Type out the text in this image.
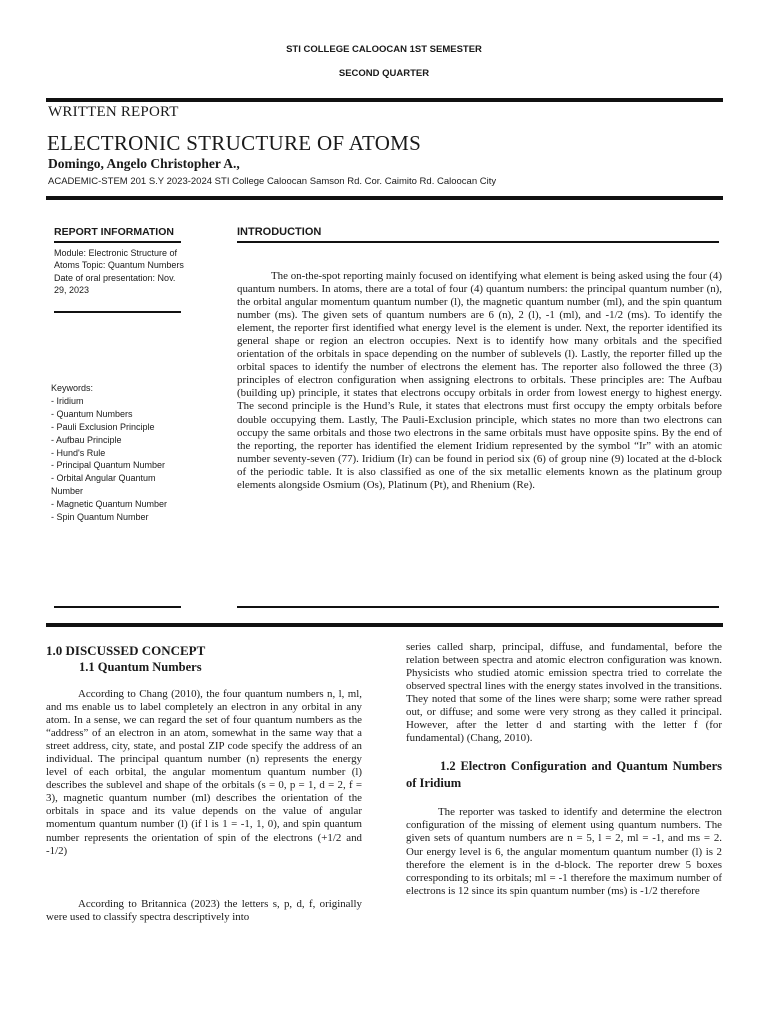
STI COLLEGE CALOOCAN 1ST SEMESTER
SECOND QUARTER
WRITTEN REPORT
ELECTRONIC STRUCTURE OF ATOMS
Domingo, Angelo Christopher A.,
ACADEMIC-STEM 201 S.Y 2023-2024 STI College Caloocan Samson Rd. Cor. Caimito Rd. Caloocan City
REPORT INFORMATION
Module: Electronic Structure of Atoms Topic: Quantum Numbers Date of oral presentation: Nov. 29, 2023
Keywords:
- Iridium
- Quantum Numbers
- Pauli Exclusion Principle
- Aufbau Principle
- Hund's Rule
- Principal Quantum Number
- Orbital Angular Quantum Number
- Magnetic Quantum Number
- Spin Quantum Number
INTRODUCTION

The on-the-spot reporting mainly focused on identifying what element is being asked using the four (4) quantum numbers. In atoms, there are a total of four (4) quantum numbers: the principal quantum number (n), the orbital angular momentum quantum number (l), the magnetic quantum number (ml), and the spin quantum number (ms). The given sets of quantum numbers are 6 (n), 2 (l), -1 (ml), and -1/2 (ms). To identify the element, the reporter first identified what energy level is the element is under. Next, the reporter identified its general shape or region an electron occupies. Next is to identify how many orbitals and the specified orientation of the orbitals in space depending on the number of sublevels (l). Lastly, the reporter filled up the orbital spaces to identify the number of electrons the element has. The reporter also followed the three (3) principles of electron configuration when assigning electrons to orbitals. These principles are: The Aufbau (building up) principle, it states that electrons occupy orbitals in order from lowest energy to highest energy. The second principle is the Hund’s Rule, it states that electrons must first occupy the empty orbitals before double occupying them. Lastly, The Pauli-Exclusion principle, which states no more than two electrons can occupy the same orbitals and those two electrons in the same orbitals must have opposite spins. By the end of the reporting, the reporter has identified the element Iridium represented by the symbol “Ir” with an atomic number seventy-seven (77). Iridium (Ir) can be found in period six (6) of group nine (9) located at the d-block of the periodic table. It is also classified as one of the six metallic elements known as the platinum group elements alongside Osmium (Os), Platinum (Pt), and Rhenium (Re).

1.0 DISCUSSED CONCEPT
1.1 Quantum Numbers

According to Chang (2010), the four quantum numbers n, l, ml, and ms enable us to label completely an electron in any orbital in any atom. In a sense, we can regard the set of four quantum numbers as the “address” of an electron in an atom, somewhat in the same way that a street address, city, state, and postal ZIP code specify the address of an individual. The principal quantum number (n) represents the energy level of each orbital, the angular momentum quantum number (l) describes the sublevel and shape of the orbitals (s = 0, p = 1, d = 2, f = 3), magnetic quantum number (ml) describes the orientation of the orbitals in space and its value depends on the value of angular momentum quantum number (l) (if l is 1 = -1, 1, 0), and spin quantum number represents the orientation of spin of the electrons (+1/2 and -1/2)

According to Britannica (2023) the letters s, p, d, f, originally were used to classify spectra descriptively into

series called sharp, principal, diffuse, and fundamental, before the relation between spectra and atomic electron configuration was known. Physicists who studied atomic emission spectra tried to correlate the observed spectral lines with the energy states involved in the transitions. They noted that some of the lines were sharp; some were rather spread out, or diffuse; and some were very strong as they called it principal. However, after the letter d and starting with the letter f (for fundamental) (Chang, 2010).

1.2 Electron Configuration and Quantum Numbers of Iridium

The reporter was tasked to identify and determine the electron configuration of the missing of element using quantum numbers. The given sets of quantum numbers are n = 5, l = 2, ml = -1, and ms = 2. Our energy level is 6, the angular momentum quantum number (l) is 2 therefore the element is in the d-block. The reporter drew 5 boxes corresponding to its orbitals; ml = -1 therefore the maximum number of electrons is 12 since its spin quantum number (ms) is -1/2 therefore
